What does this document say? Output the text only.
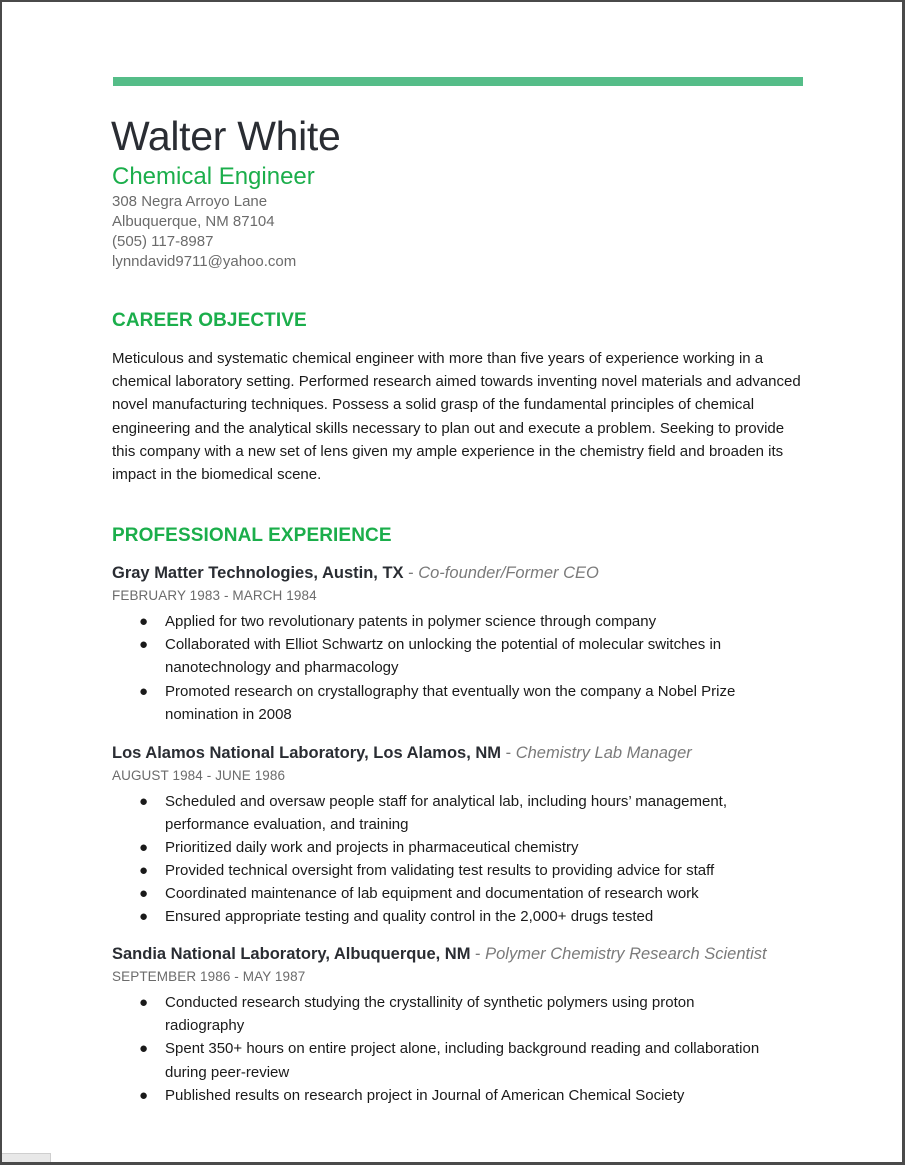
Walter White
Chemical Engineer
308 Negra Arroyo Lane
Albuquerque, NM 87104
(505) 117-8987
lynndavid9711@yahoo.com
CAREER OBJECTIVE
Meticulous and systematic chemical engineer with more than five years of experience working in a chemical laboratory setting. Performed research aimed towards inventing novel materials and advanced novel manufacturing techniques. Possess a solid grasp of the fundamental principles of chemical engineering and the analytical skills necessary to plan out and execute a problem. Seeking to provide this company with a new set of lens given my ample experience in the chemistry field and broaden its impact in the biomedical scene.
PROFESSIONAL EXPERIENCE
Gray Matter Technologies, Austin, TX - Co-founder/Former CEO
FEBRUARY 1983 - MARCH 1984
● Applied for two revolutionary patents in polymer science through company
● Collaborated with Elliot Schwartz on unlocking the potential of molecular switches in nanotechnology and pharmacology
● Promoted research on crystallography that eventually won the company a Nobel Prize nomination in 2008
Los Alamos National Laboratory, Los Alamos, NM - Chemistry Lab Manager
AUGUST 1984 - JUNE 1986
● Scheduled and oversaw people staff for analytical lab, including hours’ management, performance evaluation, and training
● Prioritized daily work and projects in pharmaceutical chemistry
● Provided technical oversight from validating test results to providing advice for staff
● Coordinated maintenance of lab equipment and documentation of research work
● Ensured appropriate testing and quality control in the 2,000+ drugs tested
Sandia National Laboratory, Albuquerque, NM - Polymer Chemistry Research Scientist
SEPTEMBER 1986 - MAY 1987
● Conducted research studying the crystallinity of synthetic polymers using proton radiography
● Spent 350+ hours on entire project alone, including background reading and collaboration during peer-review
● Published results on research project in Journal of American Chemical Society
